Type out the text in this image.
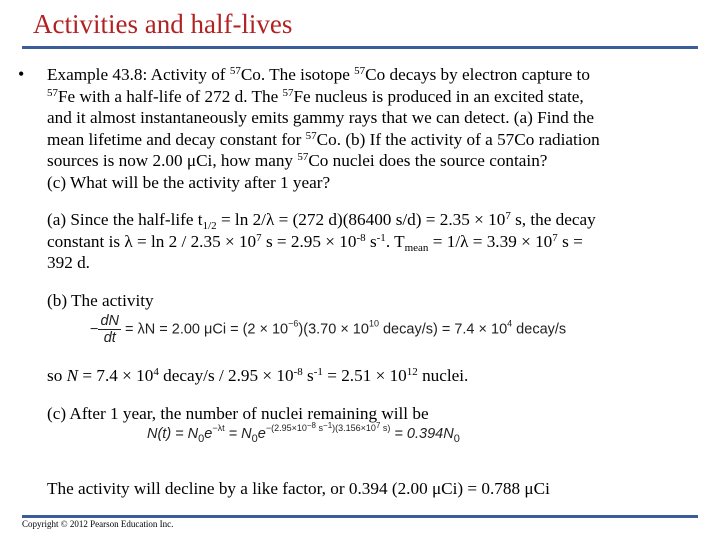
Activities and half-lives
• Example 43.8: Activity of $^{57}$Co. The isotope $^{57}$Co decays by electron capture to
$^{57}$Fe with a half-life of 272 d. The $^{57}$Fe nucleus is produced in an excited state,
and it almost instantaneously emits gammy rays that we can detect. (a) Find the
mean lifetime and decay constant for $^{57}$Co. (b) If the activity of a 57Co radiation
sources is now 2.00 μCi, how many $^{57}$Co nuclei does the source contain?
(c) What will be the activity after 1 year?
(a) Since the half-life $t_{1/2} = \ln 2/\lambda = (272$ d)(86400 $s/d) = 2.35 \times 10^7$ s, the decay
constant is $\lambda = \ln 2 / 2.35 \times 10^7$ $s = 2.95 \times 10^{-8}$ $s^{-1}$. $T_{mean} = 1/\lambda = 3.39 \times 10^7$ s =
392 d.
(b) The activity
− $\frac{dN}{dt} = \lambda N = 2.00$ $\mu Ci = (2 \times 10^{-6})(3.70 \times 10^{10}$ decay/s) = $7.4 \times 10^4$ decay/s
so $N = 7.4 \times 10^4$ decay/s / $2.95 \times 10^{-8}$ $s^{-1} = 2.51 \times 10^{12}$ nuclei.
(c) After 1 year, the number of nuclei remaining will be
$N(t) = N_0e^{-\lambda t} = N_0e^{-(2.95\times 10-8 s-1)(3.156\times 107 s)} = 0.394N_0$
The activity will decline by a like factor, or 0.394 (2.00 μCi) = 0.788 μCi
Copyright © 2012 Pearson Education Inc.
